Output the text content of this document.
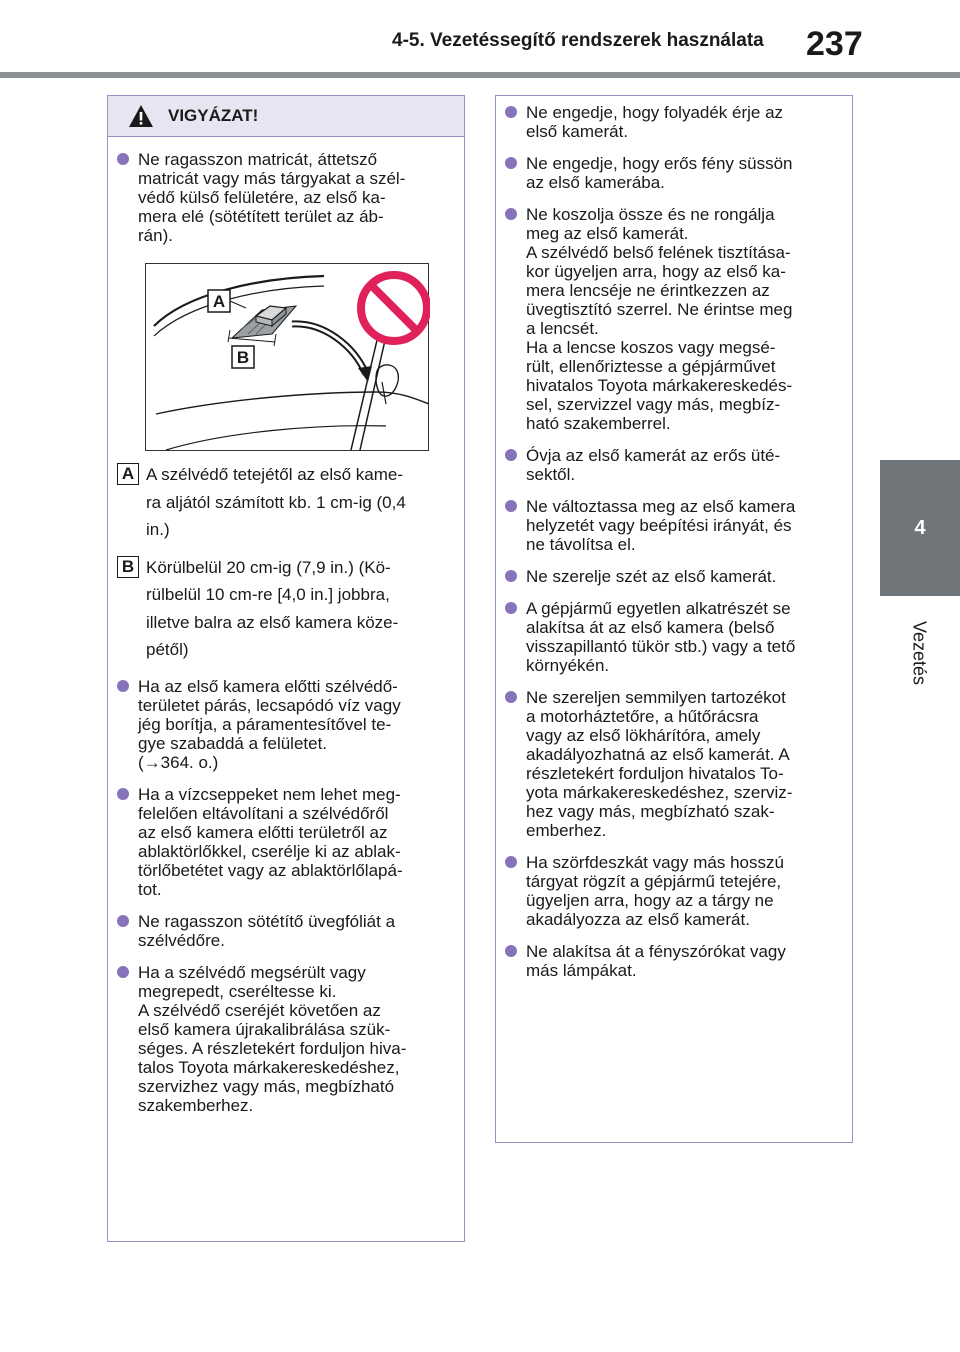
4-5. Vezetéssegítő rendszerek használata 237
4
Vezetés
VIGYÁZAT!
Ne ragasszon matricát, áttetsző
matricát vagy más tárgyakat a szél-
védő külső felületére, az első ka-
mera elé (sötétített terület az áb-
rán).
A
B
A A szélvédő tetejétől az első kame-
ra aljától számított kb. 1 cm-ig (0,4
in.)
B Körülbelül 20 cm-ig (7,9 in.) (Kö-
rülbelül 10 cm-re [4,0 in.] jobbra,
illetve balra az első kamera köze-
pétől)
Ha az első kamera előtti szélvédő-
területet párás, lecsapódó víz vagy
jég borítja, a páramentesítővel te-
gye szabaddá a felületet.
(→364. o.)
Ha a vízcseppeket nem lehet meg-
felelően eltávolítani a szélvédőről
az első kamera előtti területről az
ablaktörlőkkel, cserélje ki az ablak-
törlőbetétet vagy az ablaktörlőlapá-
tot.
Ne ragasszon sötétítő üvegfóliát a
szélvédőre.
Ha a szélvédő megsérült vagy
megrepedt, cseréltesse ki.
A szélvédő cseréjét követően az
első kamera újrakalibrálása szük-
séges. A részletekért forduljon hiva-
talos Toyota márkakereskedéshez,
szervizhez vagy más, megbízható
szakemberhez.
Ne engedje, hogy folyadék érje az
első kamerát.
Ne engedje, hogy erős fény süssön
az első kamerába.
Ne koszolja össze és ne rongálja
meg az első kamerát.
A szélvédő belső felének tisztítása-
kor ügyeljen arra, hogy az első ka-
mera lencséje ne érintkezzen az
üvegtisztító szerrel. Ne érintse meg
a lencsét.
Ha a lencse koszos vagy megsé-
rült, ellenőriztesse a gépjárművet
hivatalos Toyota márkakereskedés-
sel, szervizzel vagy más, megbíz-
ható szakemberrel.
Óvja az első kamerát az erős üté-
sektől.
Ne változtassa meg az első kamera
helyzetét vagy beépítési irányát, és
ne távolítsa el.
Ne szerelje szét az első kamerát.
A gépjármű egyetlen alkatrészét se
alakítsa át az első kamera (belső
visszapillantó tükör stb.) vagy a tető
környékén.
Ne szereljen semmilyen tartozékot
a motorháztetőre, a hűtőrácsra
vagy az első lökhárítóra, amely
akadályozhatná az első kamerát. A
részletekért forduljon hivatalos To-
yota márkakereskedéshez, szerviz-
hez vagy más, megbízható szak-
emberhez.
Ha szörfdeszkát vagy más hosszú
tárgyat rögzít a gépjármű tetejére,
ügyeljen arra, hogy az a tárgy ne
akadályozza az első kamerát.
Ne alakítsa át a fényszórókat vagy
más lámpákat.
